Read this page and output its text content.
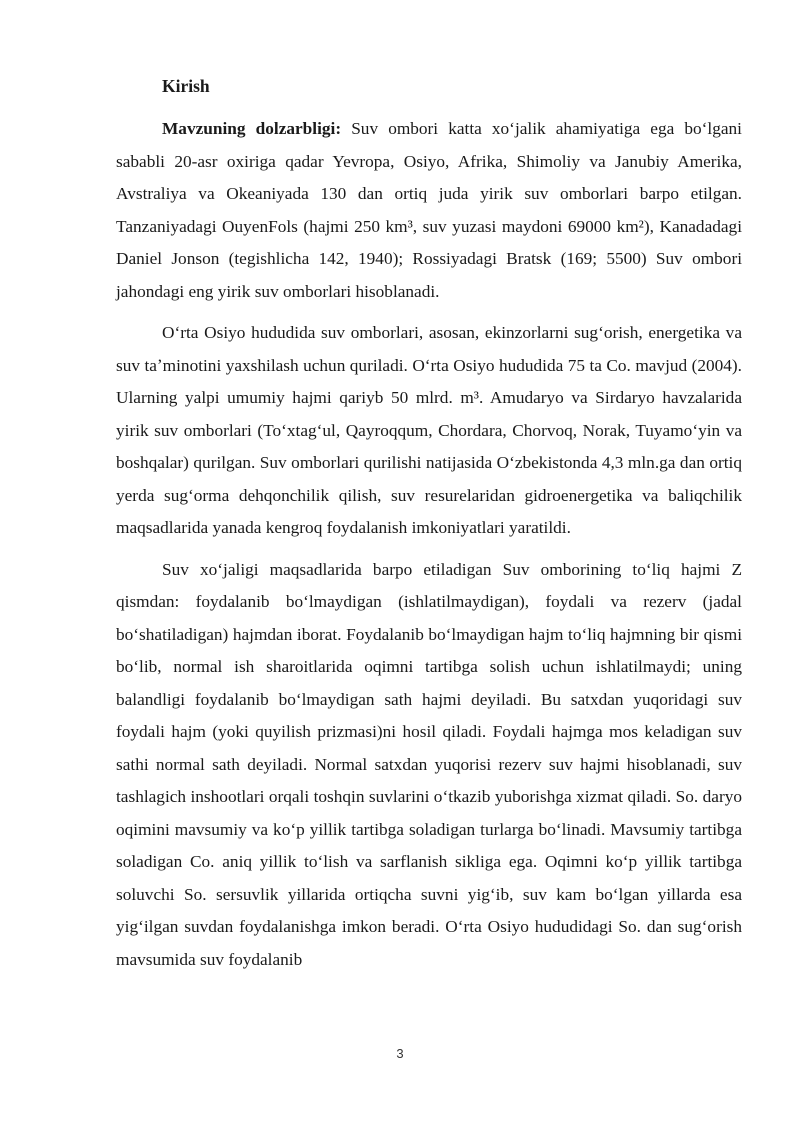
Kirish

Mavzuning dolzarbligi: Suv ombori katta xoʻjalik ahamiyatiga ega boʻlgani sababli 20-asr oxiriga qadar Yevropa, Osiyo, Afrika, Shimoliy va Janubiy Amerika, Avstraliya va Okeaniyada 130 dan ortiq juda yirik suv omborlari barpo etilgan. Tanzaniyadagi OuyenFols (hajmi 250 km³, suv yuzasi maydoni 69000 km²), Kanadadagi Daniel Jonson (tegishlicha 142, 1940); Rossiyadagi Bratsk (169; 5500) Suv ombori jahondagi eng yirik suv omborlari hisoblanadi.

Oʻrta Osiyo hududida suv omborlari, asosan, ekinzorlarni sugʻorish, energetika va suv taʼminotini yaxshilash uchun quriladi. Oʻrta Osiyo hududida 75 ta Co. mavjud (2004). Ularning yalpi umumiy hajmi qariyb 50 mlrd. m³. Amudaryo va Sirdaryo havzalarida yirik suv omborlari (Toʻxtagʻul, Qayroqqum, Chordara, Chorvoq, Norak, Tuyamoʻyin va boshqalar) qurilgan. Suv omborlari qurilishi natijasida Oʻzbekistonda 4,3 mln.ga dan ortiq yerda sugʻorma dehqonchilik qilish, suv resurelaridan gidroenergetika va baliqchilik maqsadlarida yanada kengroq foydalanish imkoniyatlari yaratildi.

Suv xoʻjaligi maqsadlarida barpo etiladigan Suv omborining toʻliq hajmi Z qismdan: foydalanib boʻlmaydigan (ishlatilmaydigan), foydali va rezerv (jadal boʻshatiladigan) hajmdan iborat. Foydalanib boʻlmaydigan hajm toʻliq hajmning bir qismi boʻlib, normal ish sharoitlarida oqimni tartibga solish uchun ishlatilmaydi; uning balandligi foydalanib boʻlmaydigan sath hajmi deyiladi. Bu satxdan yuqoridagi suv foydali hajm (yoki quyilish prizmasi)ni hosil qiladi. Foydali hajmga mos keladigan suv sathi normal sath deyiladi. Normal satxdan yuqorisi rezerv suv hajmi hisoblanadi, suv tashlagich inshootlari orqali toshqin suvlarini oʻtkazib yuborishga xizmat qiladi. So. daryo oqimini mavsumiy va koʻp yillik tartibga soladigan turlarga boʻlinadi. Mavsumiy tartibga soladigan Co. aniq yillik toʻlish va sarflanish sikliga ega. Oqimni koʻp yillik tartibga soluvchi So. sersuvlik yillarida ortiqcha suvni yigʻib, suv kam boʻlgan yillarda esa yigʻilgan suvdan foydalanishga imkon beradi. Oʻrta Osiyo hududidagi So. dan sugʻorish mavsumida suv foydalanib

3
